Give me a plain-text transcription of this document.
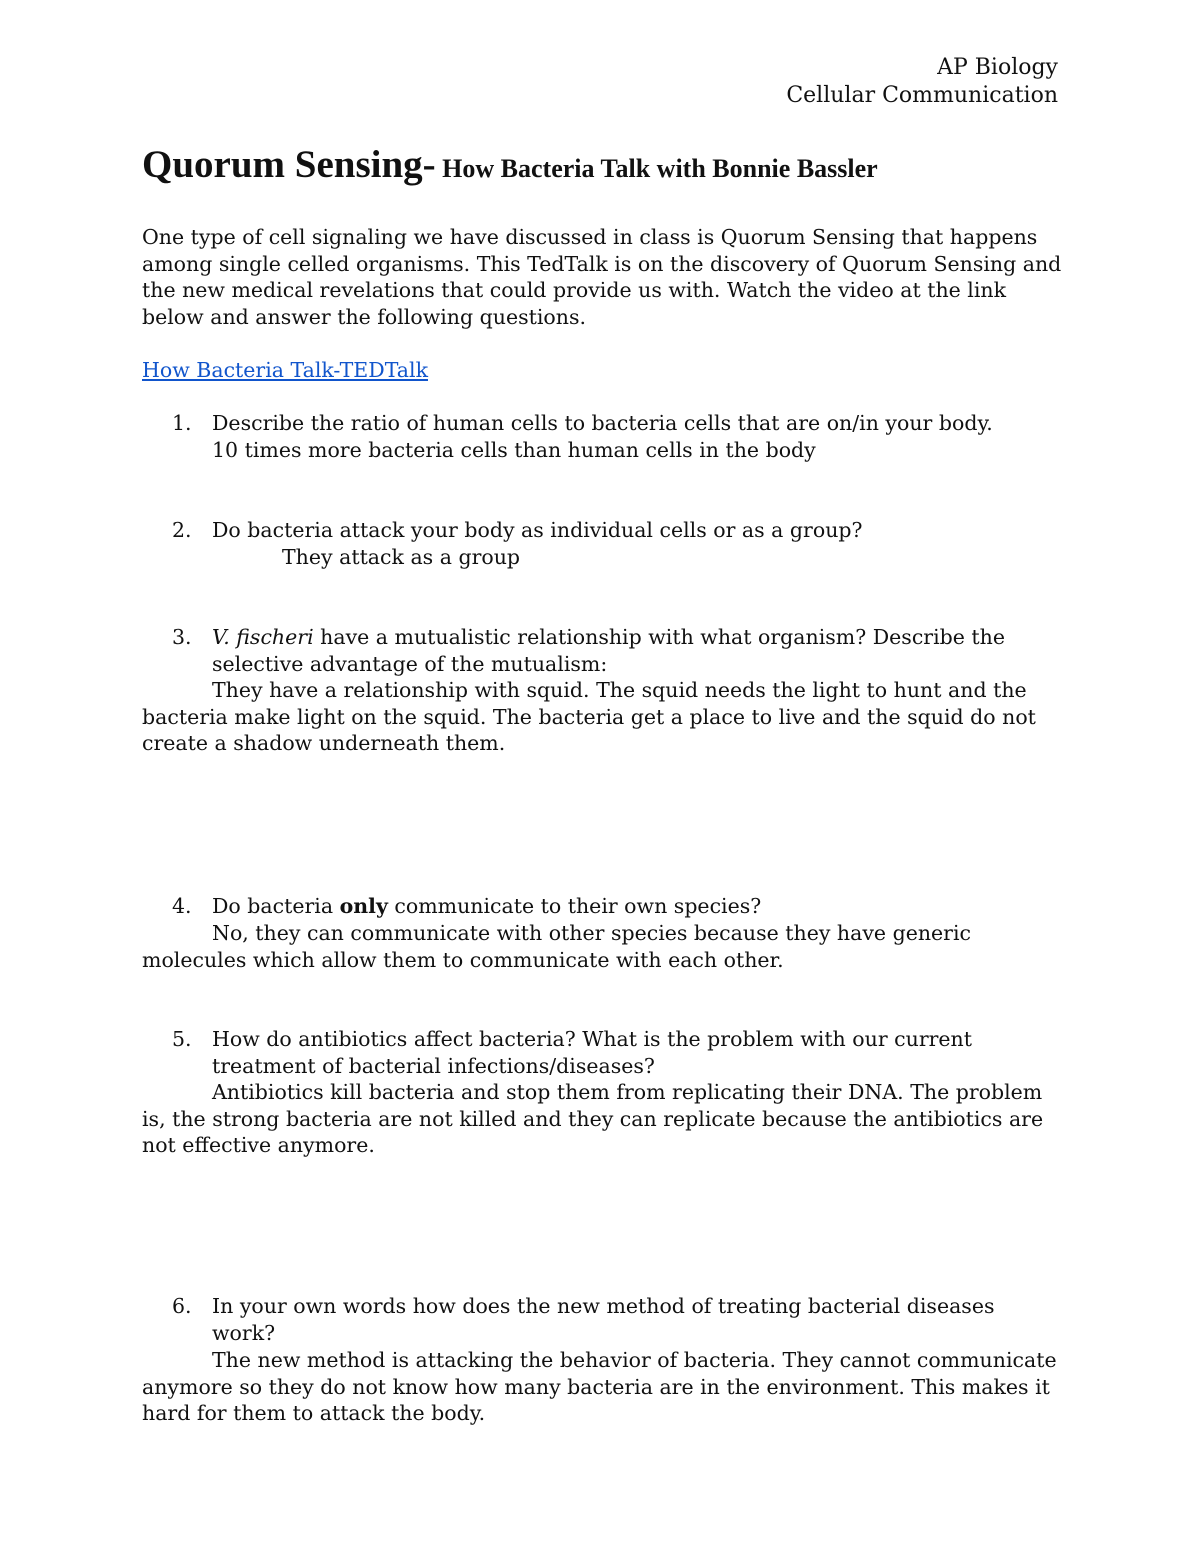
AP Biology
Cellular Communication
Quorum Sensing- How Bacteria Talk with Bonnie Bassler
One type of cell signaling we have discussed in class is Quorum Sensing that happens among single celled organisms. This TedTalk is on the discovery of Quorum Sensing and the new medical revelations that could provide us with. Watch the video at the link below and answer the following questions.
How Bacteria Talk-TEDTalk
1. Describe the ratio of human cells to bacteria cells that are on/in your body.
10 times more bacteria cells than human cells in the body
2. Do bacteria attack your body as individual cells or as a group?
They attack as a group
3. V. fischeri have a mutualistic relationship with what organism? Describe the selective advantage of the mutualism:
They have a relationship with squid. The squid needs the light to hunt and the bacteria make light on the squid. The bacteria get a place to live and the squid do not create a shadow underneath them.
4. Do bacteria only communicate to their own species?
No, they can communicate with other species because they have generic molecules which allow them to communicate with each other.
5. How do antibiotics affect bacteria? What is the problem with our current treatment of bacterial infections/diseases?
Antibiotics kill bacteria and stop them from replicating their DNA. The problem is, the strong bacteria are not killed and they can replicate because the antibiotics are not effective anymore.
6. In your own words how does the new method of treating bacterial diseases work?
The new method is attacking the behavior of bacteria. They cannot communicate anymore so they do not know how many bacteria are in the environment. This makes it hard for them to attack the body.
